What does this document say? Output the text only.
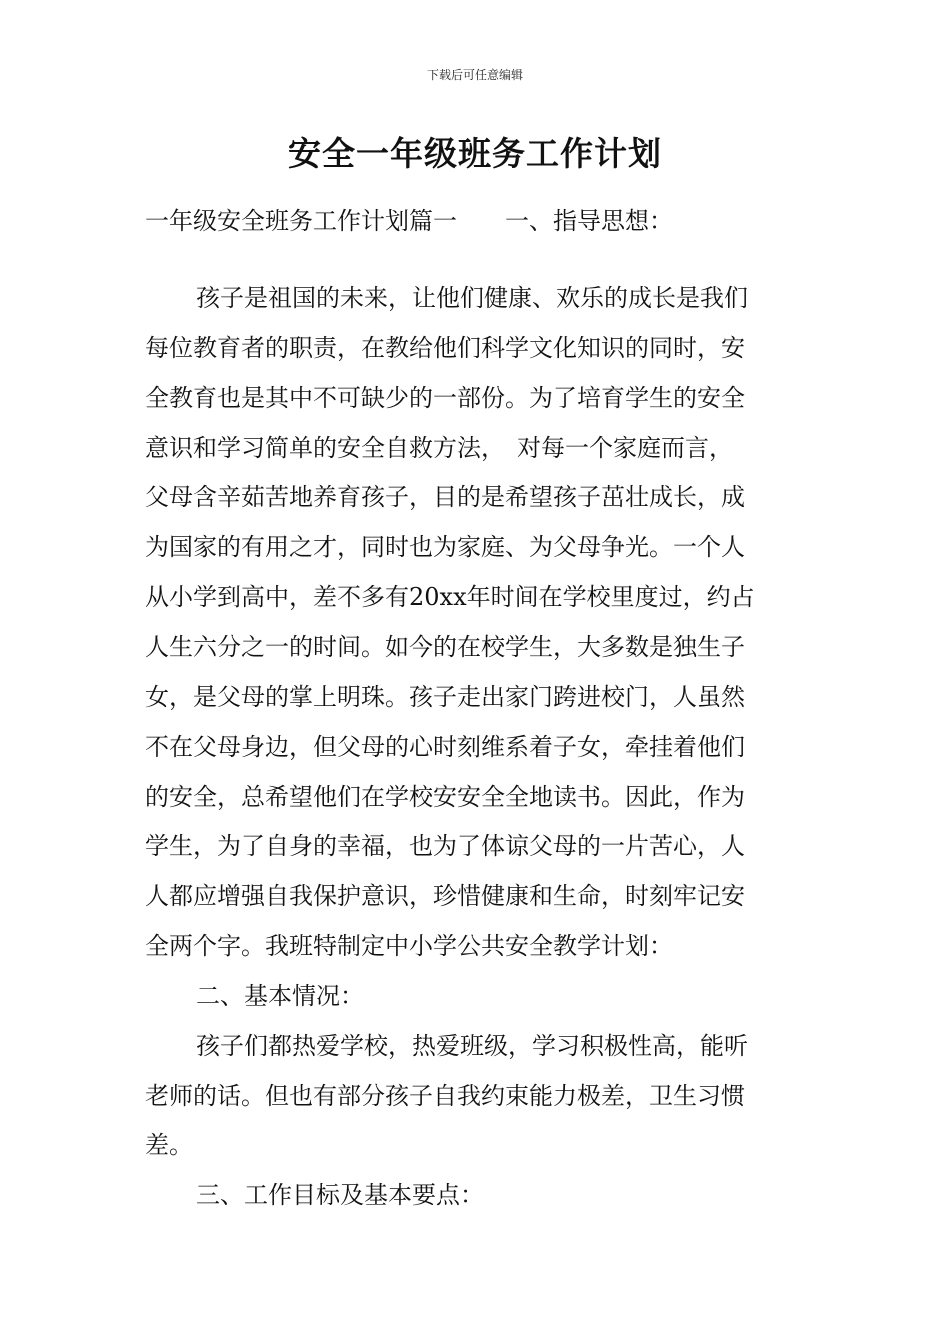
下载后可任意编辑
安全一年级班务工作计划
一年级安全班务工作计划篇一　　一、指导思想：
孩子是祖国的未来，让他们健康、欢乐的成长是我们
每位教育者的职责，在教给他们科学文化知识的同时，安
全教育也是其中不可缺少的一部份。为了培育学生的安全
意识和学习简单的安全自救方法，　对每一个家庭而言，
父母含辛茹苦地养育孩子，目的是希望孩子茁壮成长，成
为国家的有用之才，同时也为家庭、为父母争光。一个人
从小学到高中，差不多有20xx年时间在学校里度过，约占
人生六分之一的时间。如今的在校学生，大多数是独生子
女，是父母的掌上明珠。孩子走出家门跨进校门，人虽然
不在父母身边，但父母的心时刻维系着子女，牵挂着他们
的安全，总希望他们在学校安安全全地读书。因此，作为
学生，为了自身的幸福，也为了体谅父母的一片苦心，人
人都应增强自我保护意识，珍惜健康和生命，时刻牢记安
全两个字。我班特制定中小学公共安全教学计划：
二、基本情况：
孩子们都热爱学校，热爱班级，学习积极性高，能听
老师的话。但也有部分孩子自我约束能力极差，卫生习惯
差。
三、工作目标及基本要点：
